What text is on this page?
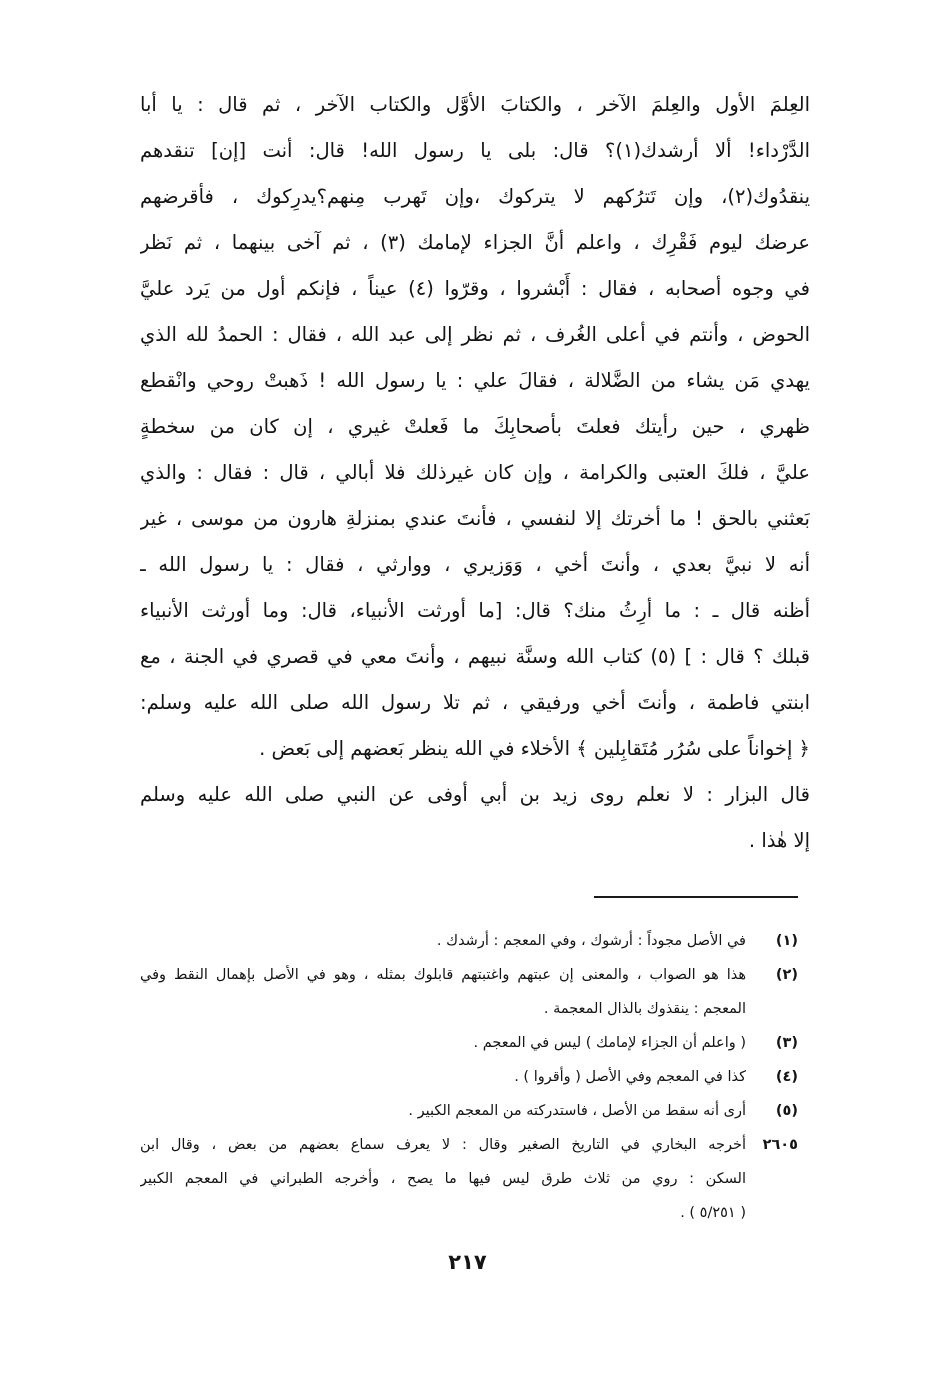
العِلمَ الأول والعِلمَ الآخر ، والكتابَ الأوَّل والكتاب الآخر ، ثم قال : يا أبا
الدَّرْداء! ألا أرشدك(١)؟ قال: بلى يا رسول الله! قال: أنت [إن] تنقدهم
ينقدُوك(٢)، وإن تَترُكهم لا يتركوك ،وإن تَهرب مِنهم؟يدرِكوك ، فأقرضهم
عرضك ليوم فَقْرِك ، واعلم أنَّ الجزاء لإمامك (٣) ، ثم آخى بينهما ، ثم نَظر
في وجوه أصحابه ، فقال : أَبْشروا ، وقرّوا (٤) عيناً ، فإنكم أول من يَرد عليَّ
الحوض ، وأنتم في أعلى الغُرف ، ثم نظر إلى عبد الله ، فقال : الحمدُ لله الذي
يهدي مَن يشاء من الضَّلالة ، فقالَ علي : يا رسول الله ! ذَهبتْ روحي وانْقطع
ظهري ، حين رأيتك فعلتَ بأصحابِكَ ما فَعلتْ غيري ، إن كان من سخطةٍ
عليَّ ، فلكَ العتبى والكرامة ، وإن كان غيرذلك فلا أبالي ، قال : فقال : والذي
بَعثني بالحق ! ما أخرتك إلا لنفسي ، فأنتَ عندي بمنزلةِ هارون من موسى ، غير
أنه لا نبيَّ بعدي ، وأنتَ أخي ، وَوَزيري ، ووارثي ، فقال : يا رسول الله ـ
أظنه قال ـ : ما أرِثُ منك؟ قال: [ما أورثت الأنبياء، قال: وما أورثت الأنبياء
قبلك ؟ قال : ] (٥) كتاب الله وسنَّة نبيهم ، وأنتَ معي في قصري في الجنة ، مع
ابنتي فاطمة ، وأنتَ أخي ورفيقي ، ثم تلا رسول الله صلى الله عليه وسلم:
﴿ إخواناً على سُرُر مُتَقابِلين ﴾ الأخلاء في الله ينظر بَعضهم إلى بَعض .
قال البزار : لا نعلم روى زيد بن أبي أوفى عن النبي صلى الله عليه وسلم
إلا هٰذا .
(١)
في الأصل مجوداً : أرشوك ، وفي المعجم : أرشدك .
(٢)
هذا هو الصواب ، والمعنى إن عبتهم واغتبتهم قابلوك بمثله ، وهو في الأصل بإهمال النقط وفي
المعجم : ينقذوك بالذال المعجمة .
(٣)
( واعلم أن الجزاء لإمامك ) ليس في المعجم .
(٤)
كذا في المعجم وفي الأصل ( وأقروا ) .
(٥)
أرى أنه سقط من الأصل ، فاستدركته من المعجم الكبير .
٢٦٠٥
أخرجه البخاري في التاريخ الصغير وقال : لا يعرف سماع بعضهم من بعض ، وقال ابن
السكن : روي من ثلاث طرق ليس فيها ما يصح ، وأخرجه الطبراني في المعجم الكبير
( ٥/٢٥١ ) .
٢١٧
